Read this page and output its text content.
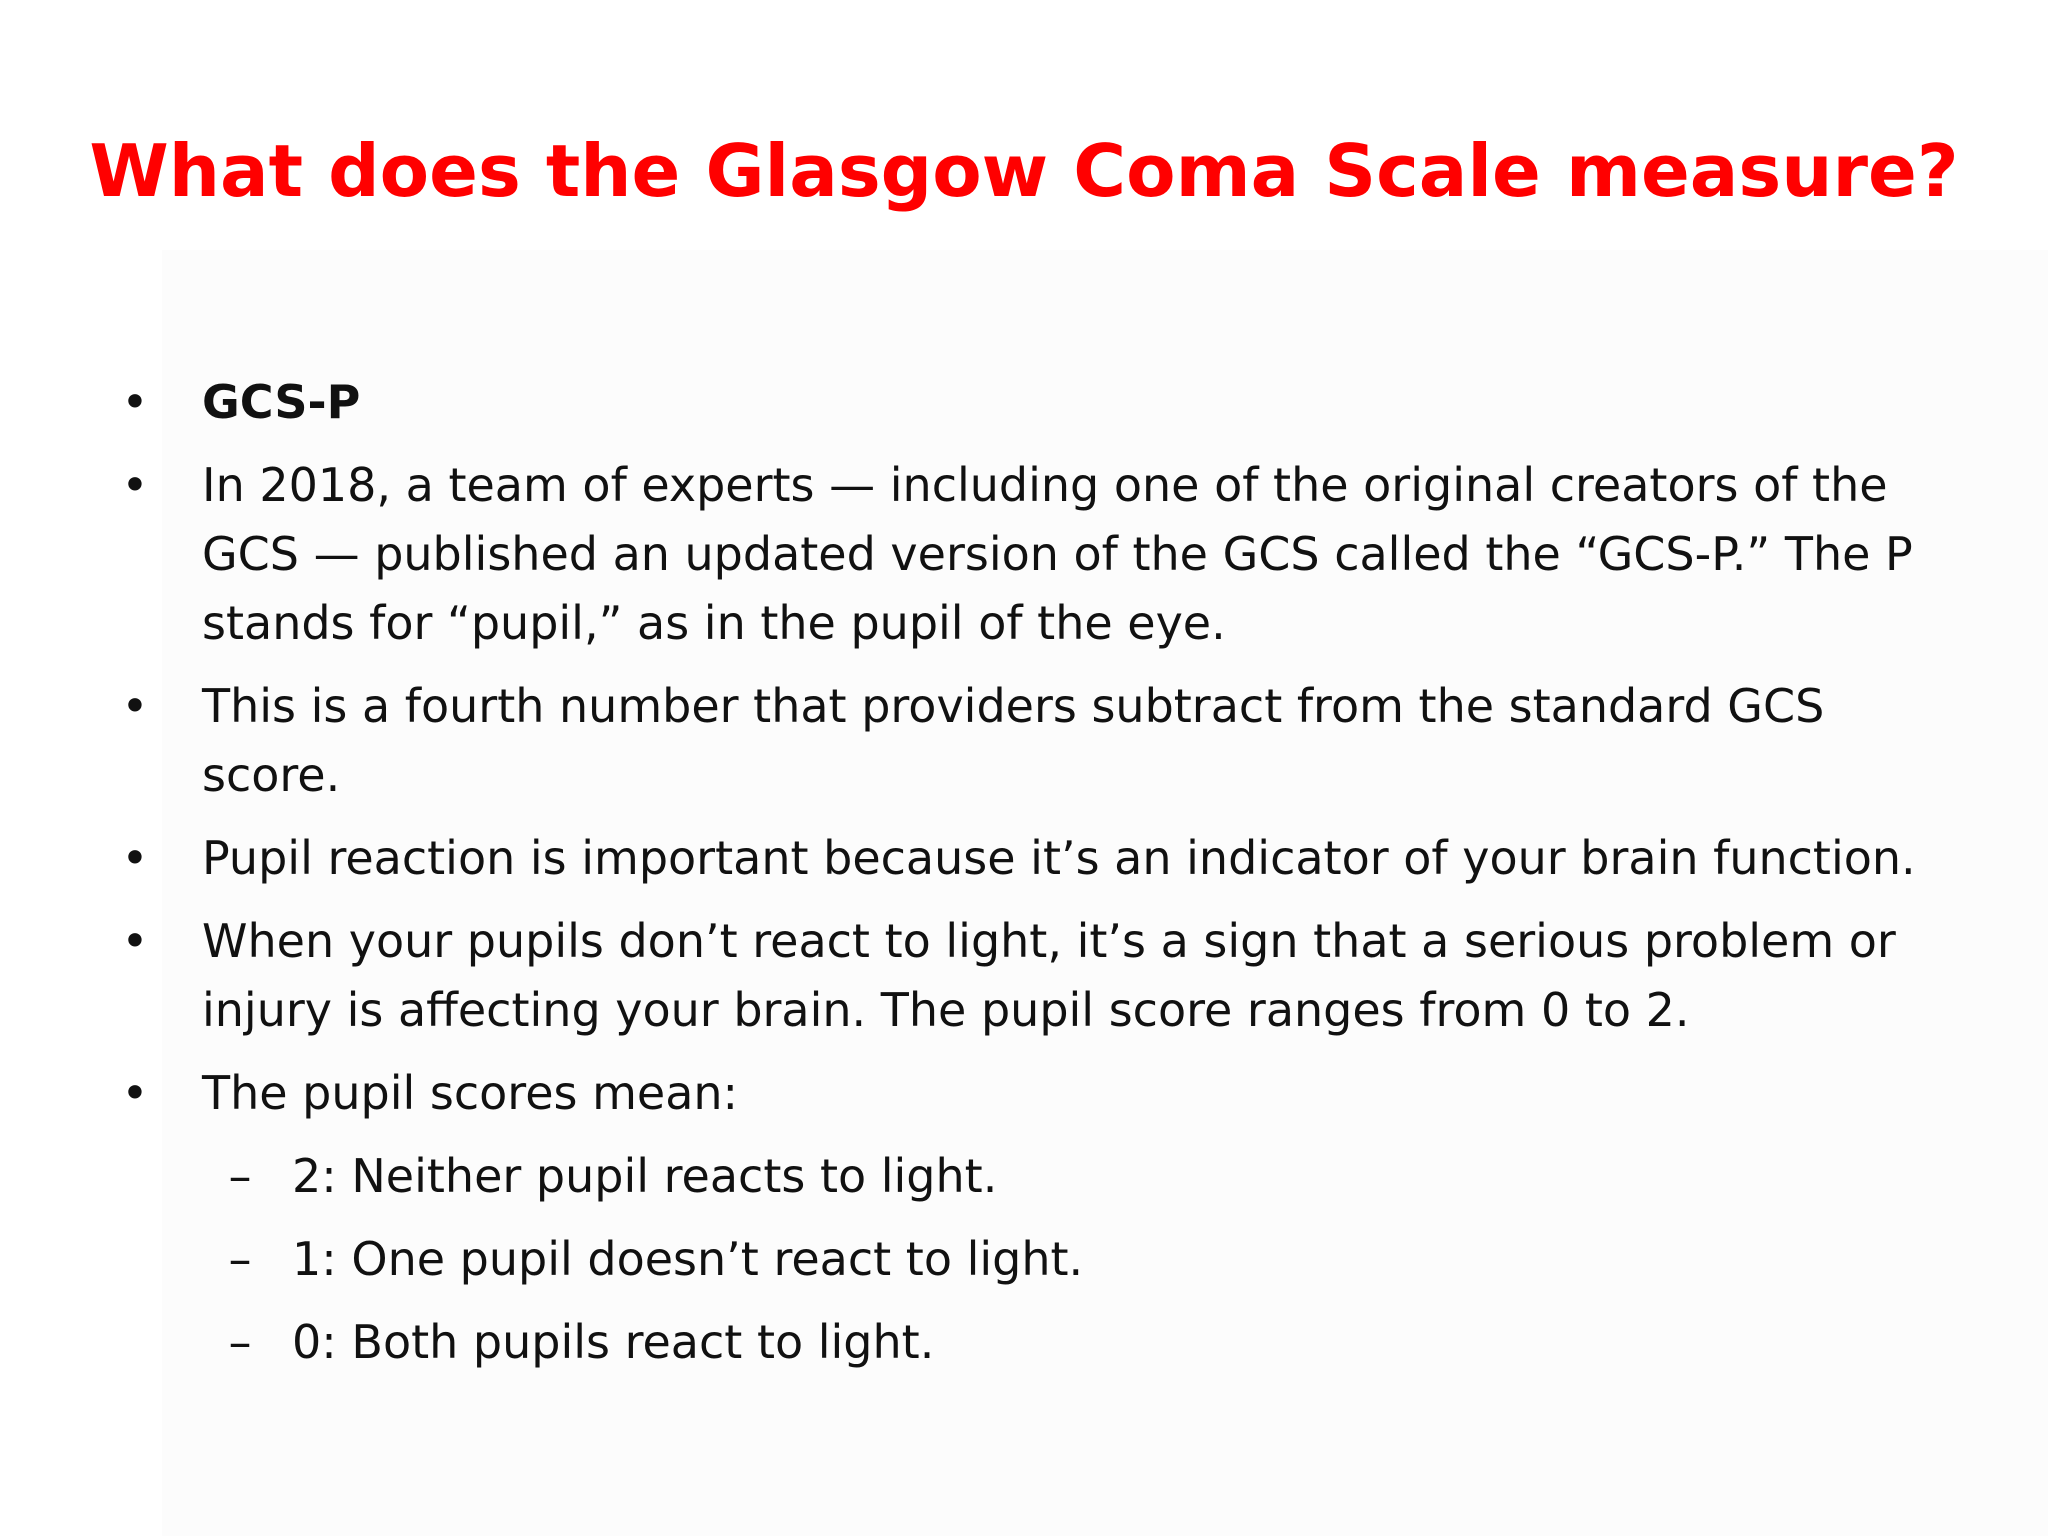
What does the Glasgow Coma Scale measure?
• GCS-P
• In 2018, a team of experts — including one of the original creators of the GCS — published an updated version of the GCS called the “GCS-P.” The P stands for “pupil,” as in the pupil of the eye.
• This is a fourth number that providers subtract from the standard GCS score.
• Pupil reaction is important because it’s an indicator of your brain function.
• When your pupils don’t react to light, it’s a sign that a serious problem or injury is affecting your brain. The pupil score ranges from 0 to 2.
• The pupil scores mean:
– 2: Neither pupil reacts to light.
– 1: One pupil doesn’t react to light.
– 0: Both pupils react to light.
